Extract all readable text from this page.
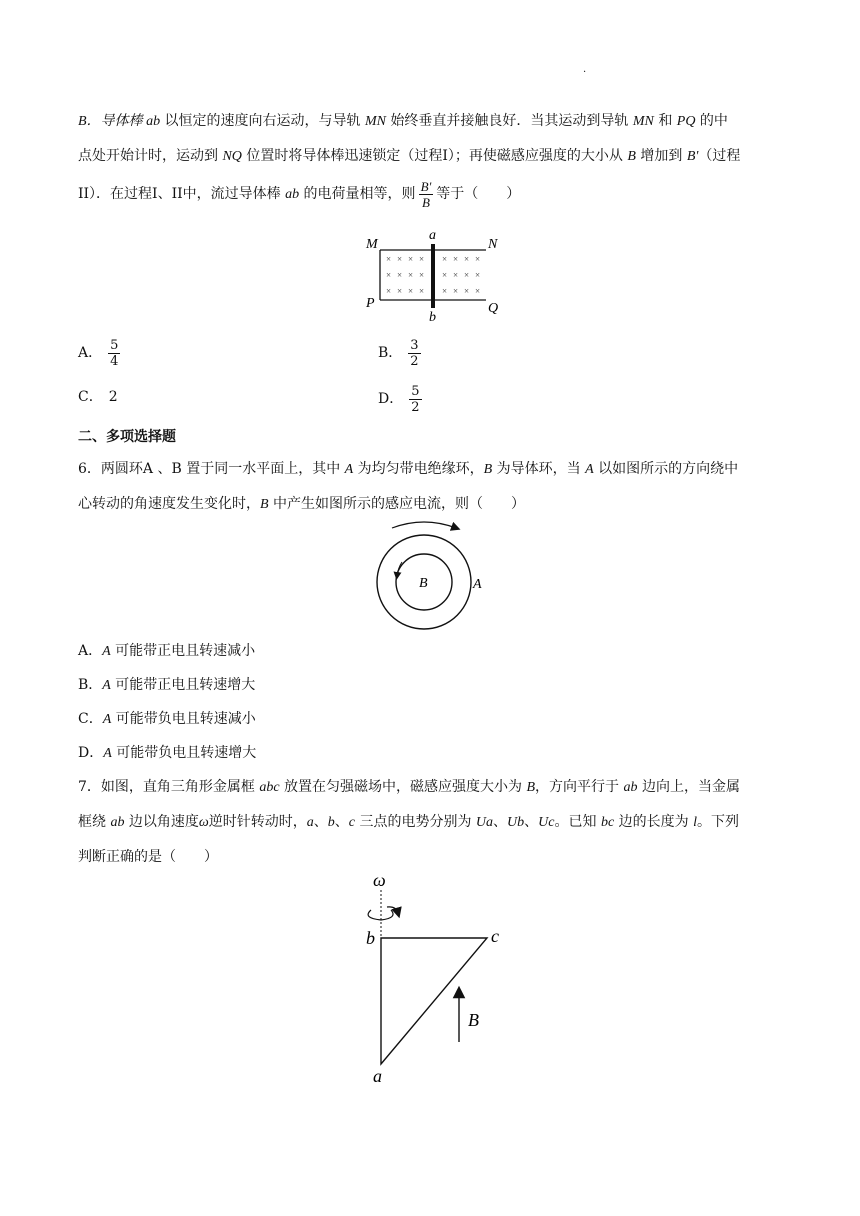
.
B．导体棒 ab 以恒定的速度向右运动，与导轨 MN 始终垂直并接触良好．当其运动到导轨 MN 和 PQ 的中
点处开始计时，运动到 NQ 位置时将导体棒迅速锁定（过程I）；再使磁感应强度的大小从 B 增加到 B'（过程
II）．在过程I、II中，流过导体棒 ab 的电荷量相等，则 $\frac{B'}{B}$ 等于（　　）
× × × × × × × ×
× × × × × × × ×
× × × × × × × ×
M	N
P	Q
a
b
A． $\frac{5}{4}$	B． $\frac{3}{2}$
C． 2	D． $\frac{5}{2}$
二、多项选择题
6．两圆环A 、B 置于同一水平面上，其中 A 为均匀带电绝缘环，B 为导体环，当 A 以如图所示的方向绕中
心转动的角速度发生变化时，B 中产生如图所示的感应电流，则（　　）
B	A
A．A 可能带正电且转速减小
B．A 可能带正电且转速增大
C．A 可能带负电且转速减小
D．A 可能带负电且转速增大
7．如图，直角三角形金属框 abc 放置在匀强磁场中，磁感应强度大小为 B，方向平行于 ab 边向上，当金属
框绕 ab 边以角速度ω逆时针转动时，a、b、c 三点的电势分别为 Ua、Ub、Uc。已知 bc 边的长度为 l。下列
判断正确的是（　　）
ω
b	c
a
B
